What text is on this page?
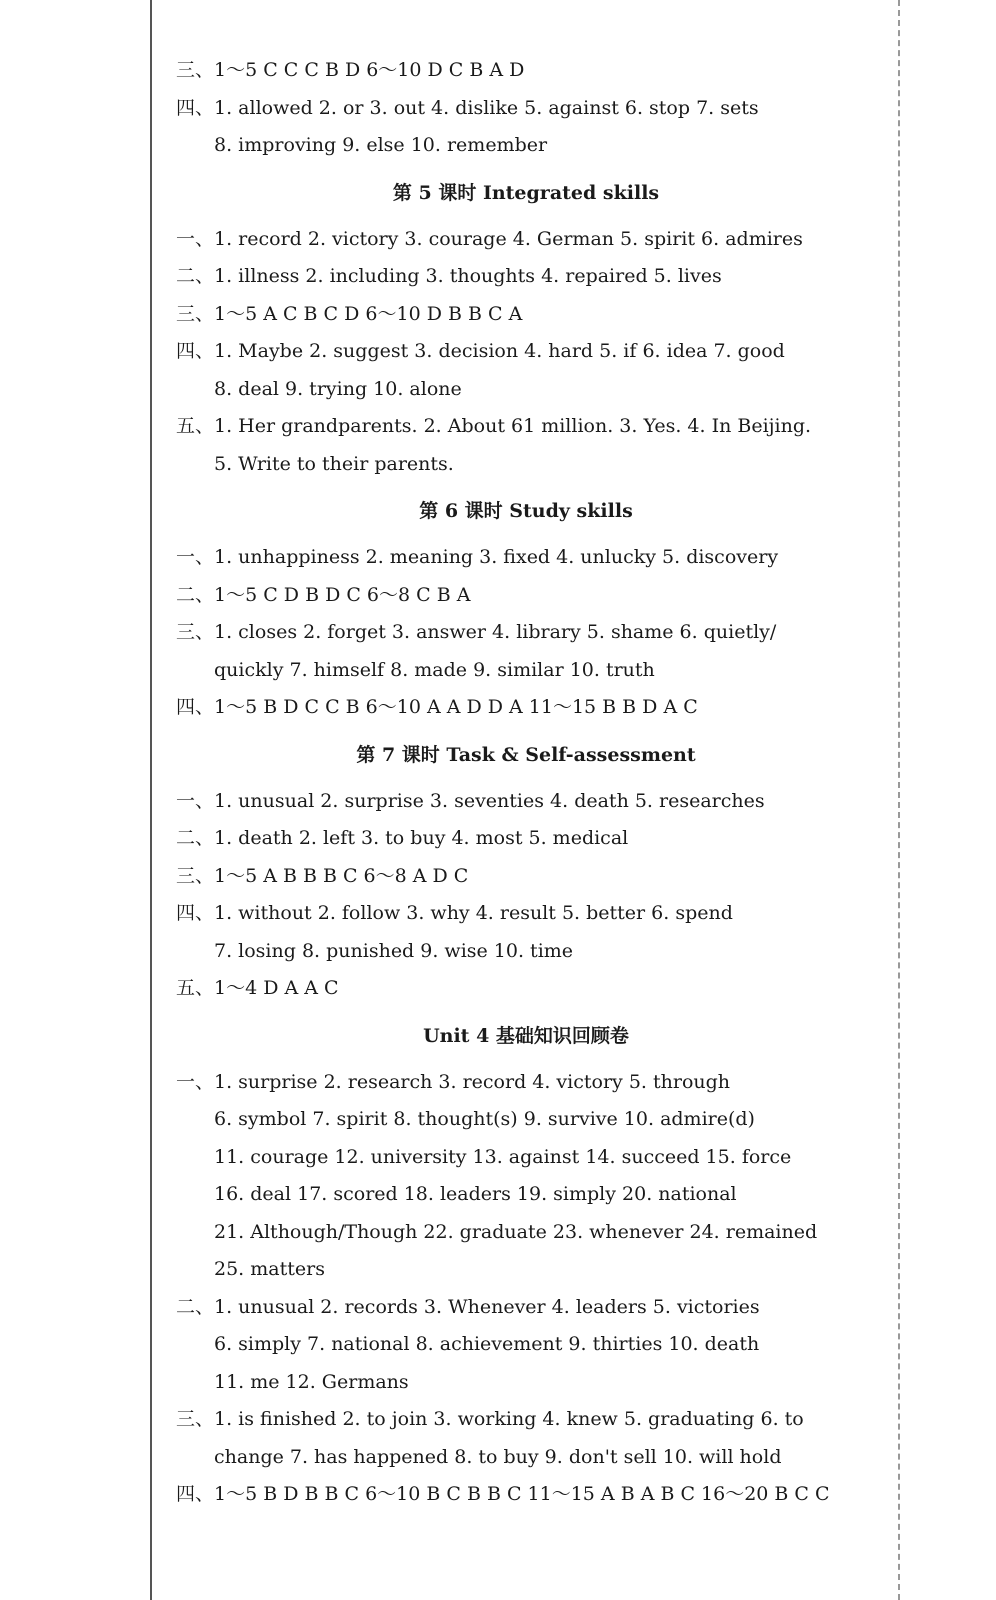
三、1～5 C C C B D 6～10 D C B A D
四、1. allowed 2. or 3. out 4. dislike 5. against 6. stop 7. sets
8. improving 9. else 10. remember
第 5 课时 Integrated skills
一、1. record 2. victory 3. courage 4. German 5. spirit 6. admires
二、1. illness 2. including 3. thoughts 4. repaired 5. lives
三、1～5 A C B C D 6～10 D B B C A
四、1. Maybe 2. suggest 3. decision 4. hard 5. if 6. idea 7. good
8. deal 9. trying 10. alone
五、1. Her grandparents. 2. About 61 million. 3. Yes. 4. In Beijing.
5. Write to their parents.
第 6 课时 Study skills
一、1. unhappiness 2. meaning 3. fixed 4. unlucky 5. discovery
二、1～5 C D B D C 6～8 C B A
三、1. closes 2. forget 3. answer 4. library 5. shame 6. quietly/
quickly 7. himself 8. made 9. similar 10. truth
四、1～5 B D C C B 6～10 A A D D A 11～15 B B D A C
第 7 课时 Task & Self-assessment
一、1. unusual 2. surprise 3. seventies 4. death 5. researches
二、1. death 2. left 3. to buy 4. most 5. medical
三、1～5 A B B B C 6～8 A D C
四、1. without 2. follow 3. why 4. result 5. better 6. spend
7. losing 8. punished 9. wise 10. time
五、1～4 D A A C
Unit 4 基础知识回顾卷
一、1. surprise 2. research 3. record 4. victory 5. through
6. symbol 7. spirit 8. thought(s) 9. survive 10. admire(d)
11. courage 12. university 13. against 14. succeed 15. force
16. deal 17. scored 18. leaders 19. simply 20. national
21. Although/Though 22. graduate 23. whenever 24. remained
25. matters
二、1. unusual 2. records 3. Whenever 4. leaders 5. victories
6. simply 7. national 8. achievement 9. thirties 10. death
11. me 12. Germans
三、1. is finished 2. to join 3. working 4. knew 5. graduating 6. to
change 7. has happened 8. to buy 9. don't sell 10. will hold
四、1～5 B D B B C 6～10 B C B B C 11～15 A B A B C 16～20 B C C
